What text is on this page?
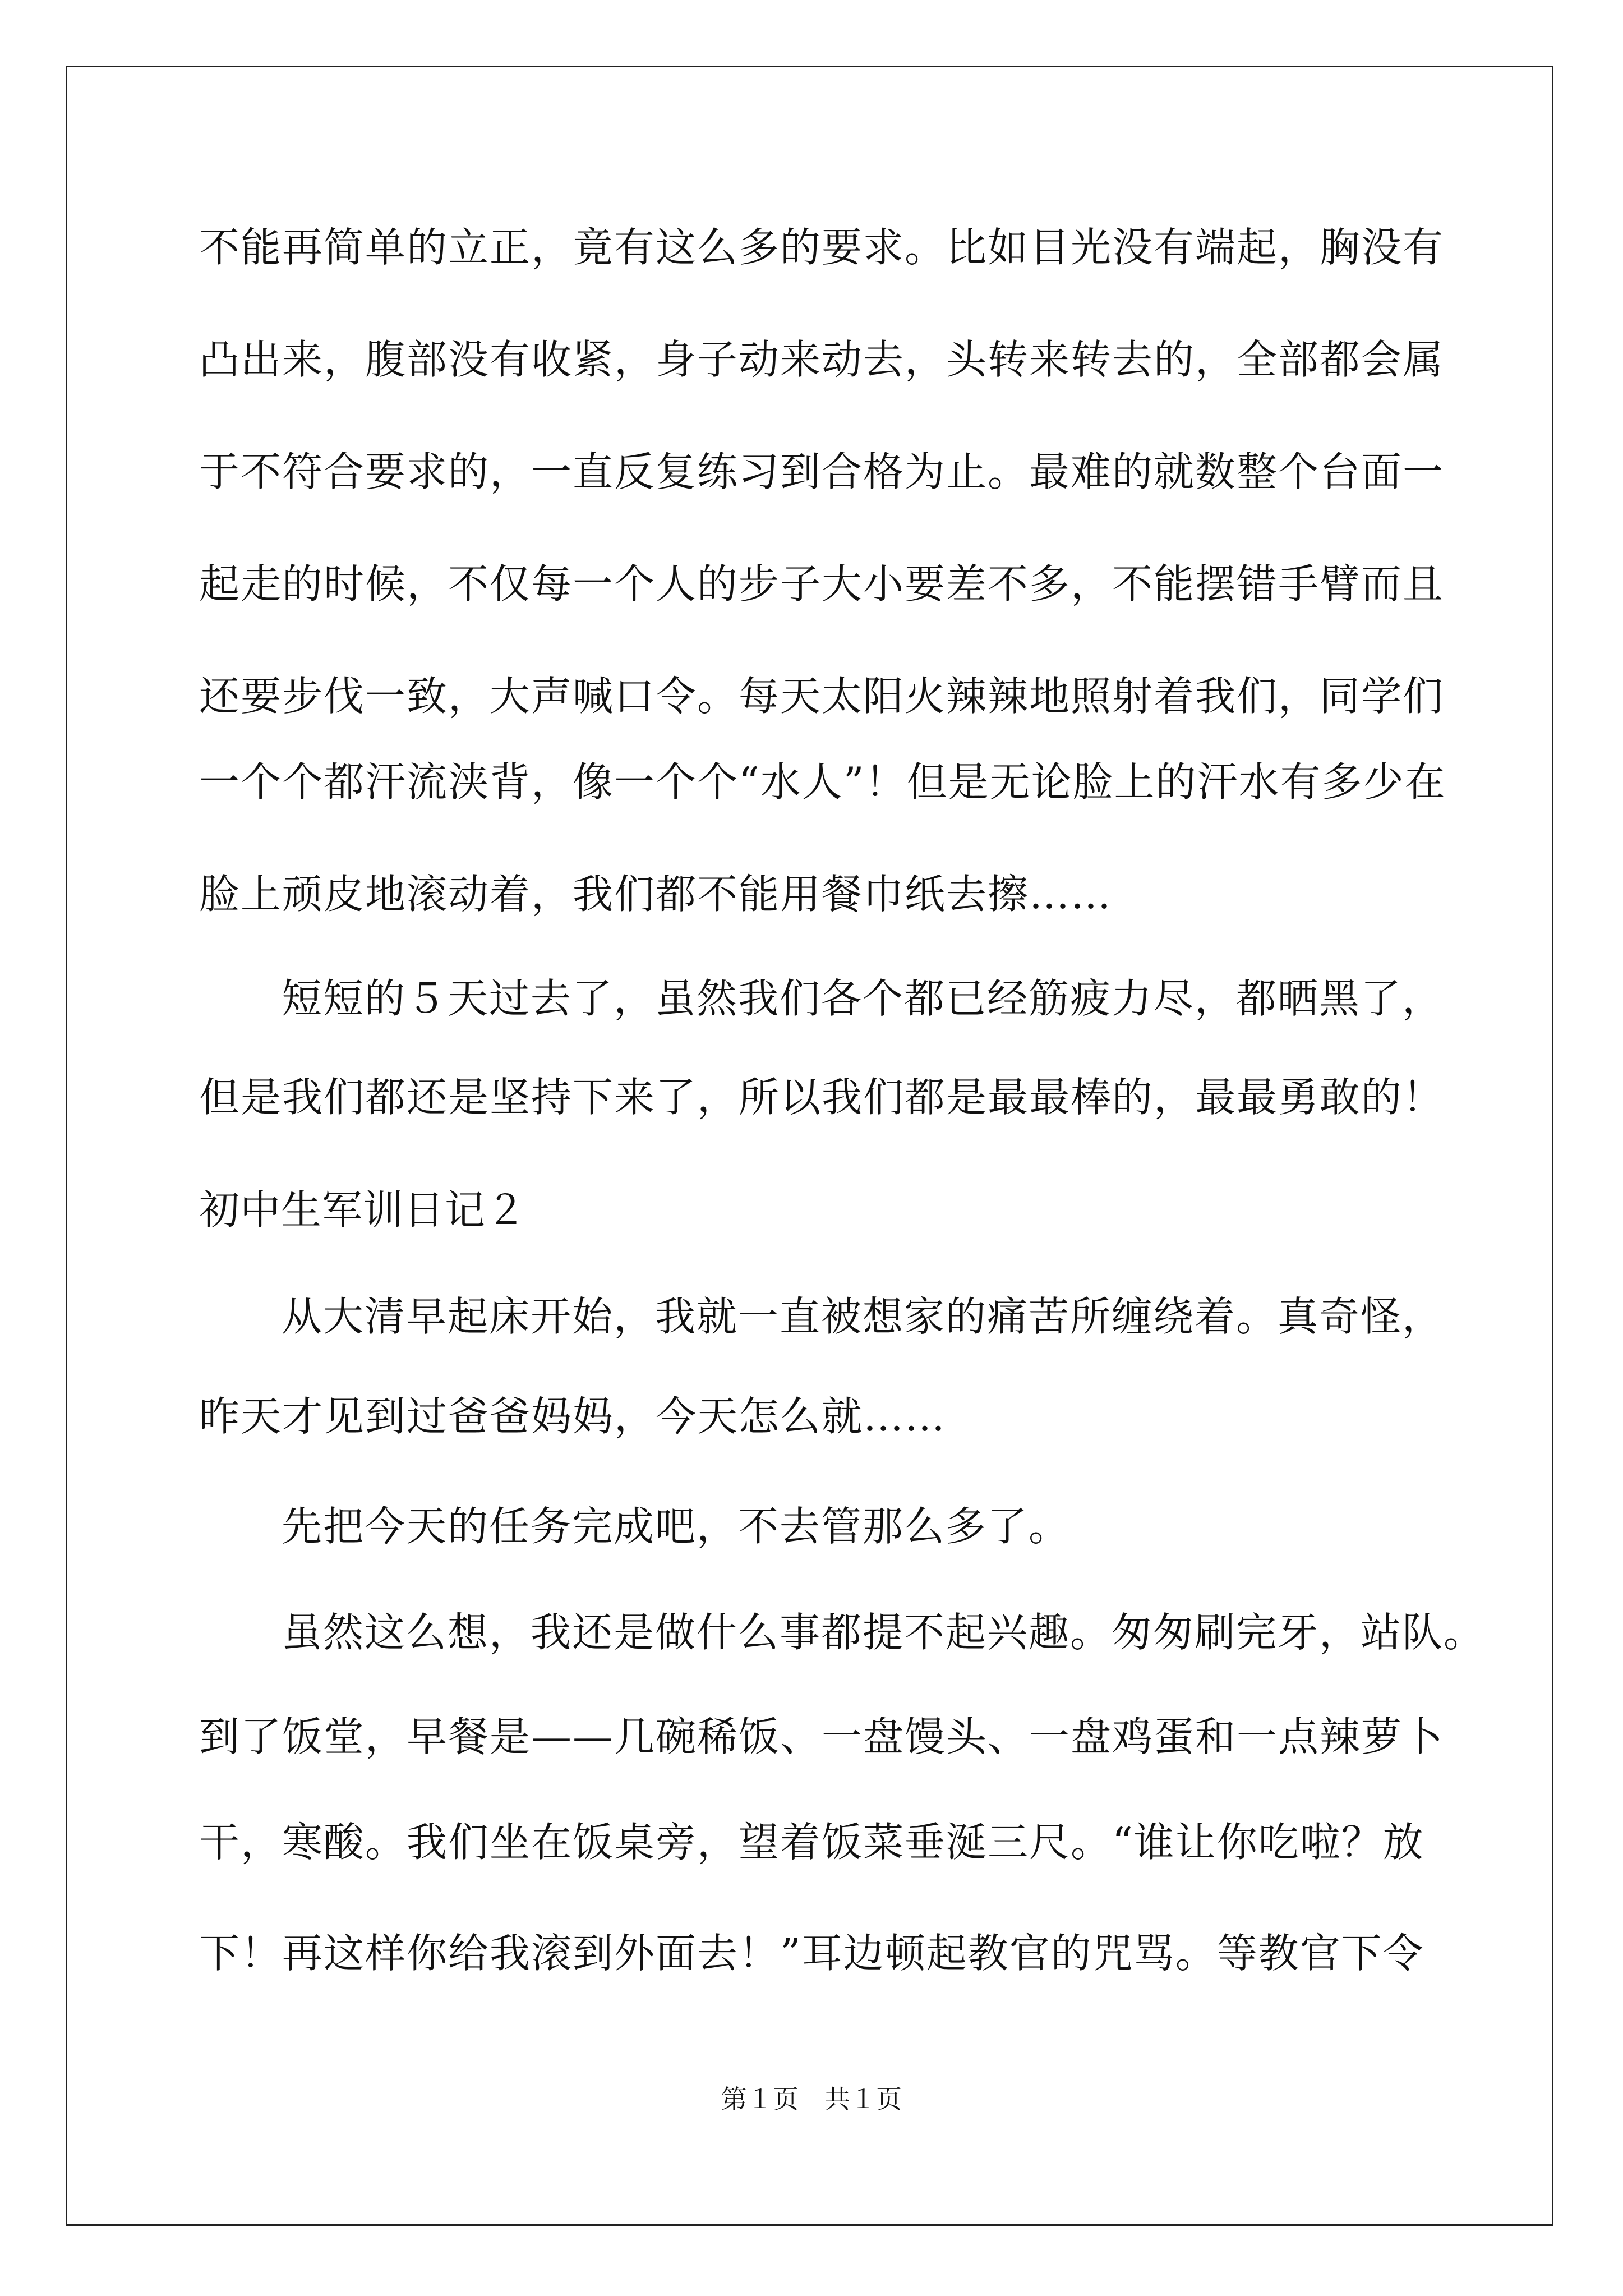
不能再简单的立正，竟有这么多的要求。比如目光没有端起，胸没有
凸出来，腹部没有收紧，身子动来动去，头转来转去的，全部都会属
于不符合要求的，一直反复练习到合格为止。最难的就数整个台面一
起走的时候，不仅每一个人的步子大小要差不多，不能摆错手臂而且
还要步伐一致，大声喊口令。每天太阳火辣辣地照射着我们，同学们
一个个都汗流浃背，像一个个“水人”！但是无论脸上的汗水有多少在
脸上顽皮地滚动着，我们都不能用餐巾纸去擦……
短短的５天过去了，虽然我们各个都已经筋疲力尽，都晒黑了，
但是我们都还是坚持下来了，所以我们都是最最棒的，最最勇敢的！
初中生军训日记２
从大清早起床开始，我就一直被想家的痛苦所缠绕着。真奇怪，
昨天才见到过爸爸妈妈，今天怎么就……
先把今天的任务完成吧，不去管那么多了。
虽然这么想，我还是做什么事都提不起兴趣。匆匆刷完牙，站队。
到了饭堂，早餐是——几碗稀饭、一盘馒头、一盘鸡蛋和一点辣萝卜
干，寒酸。我们坐在饭桌旁，望着饭菜垂涎三尺。“谁让你吃啦？放
下！再这样你给我滚到外面去！”耳边顿起教官的咒骂。等教官下令
第１页　共１页
